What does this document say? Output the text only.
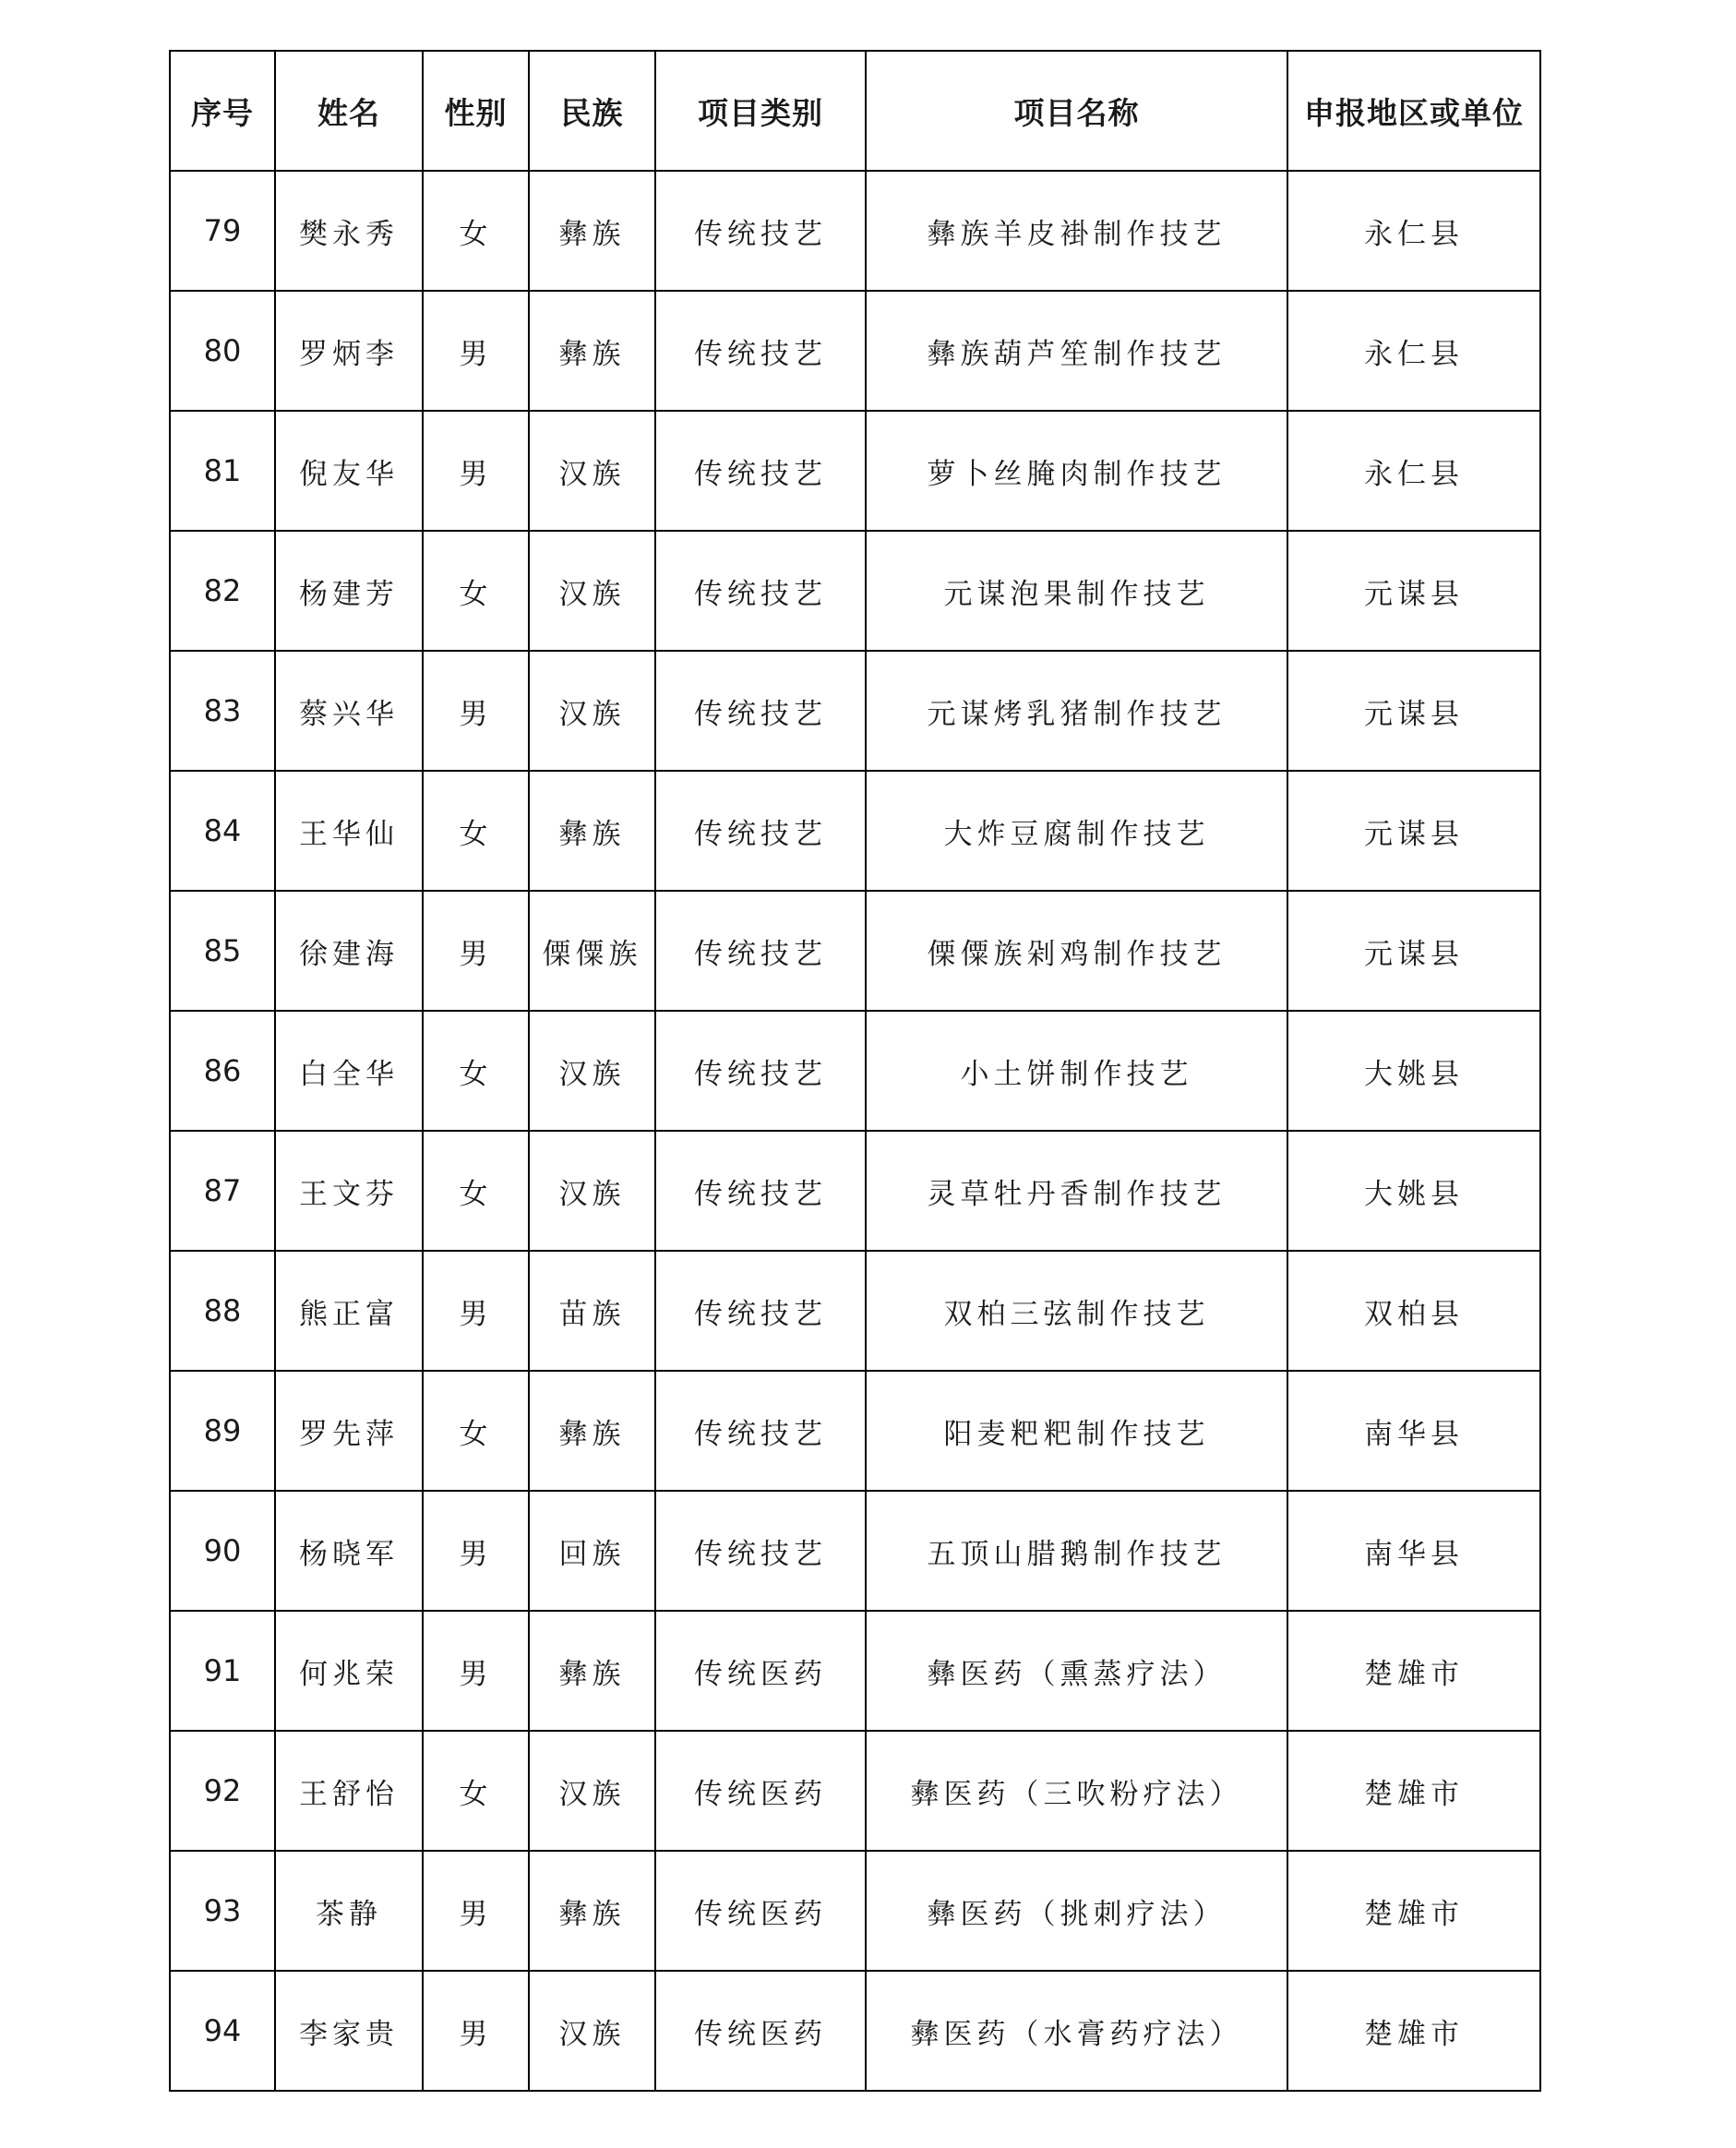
序号	姓名	性别	民族	项目类别	项目名称	申报地区或单位
79	樊永秀	女	彝族	传统技艺	彝族羊皮褂制作技艺	永仁县
80	罗炳李	男	彝族	传统技艺	彝族葫芦笙制作技艺	永仁县
81	倪友华	男	汉族	传统技艺	萝卜丝腌肉制作技艺	永仁县
82	杨建芳	女	汉族	传统技艺	元谋泡果制作技艺	元谋县
83	蔡兴华	男	汉族	传统技艺	元谋烤乳猪制作技艺	元谋县
84	王华仙	女	彝族	传统技艺	大炸豆腐制作技艺	元谋县
85	徐建海	男	傈僳族	传统技艺	傈僳族剁鸡制作技艺	元谋县
86	白全华	女	汉族	传统技艺	小土饼制作技艺	大姚县
87	王文芬	女	汉族	传统技艺	灵草牡丹香制作技艺	大姚县
88	熊正富	男	苗族	传统技艺	双柏三弦制作技艺	双柏县
89	罗先萍	女	彝族	传统技艺	阳麦粑粑制作技艺	南华县
90	杨晓军	男	回族	传统技艺	五顶山腊鹅制作技艺	南华县
91	何兆荣	男	彝族	传统医药	彝医药（熏蒸疗法）	楚雄市
92	王舒怡	女	汉族	传统医药	彝医药（三吹粉疗法）	楚雄市
93	茶静	男	彝族	传统医药	彝医药（挑刺疗法）	楚雄市
94	李家贵	男	汉族	传统医药	彝医药（水膏药疗法）	楚雄市
